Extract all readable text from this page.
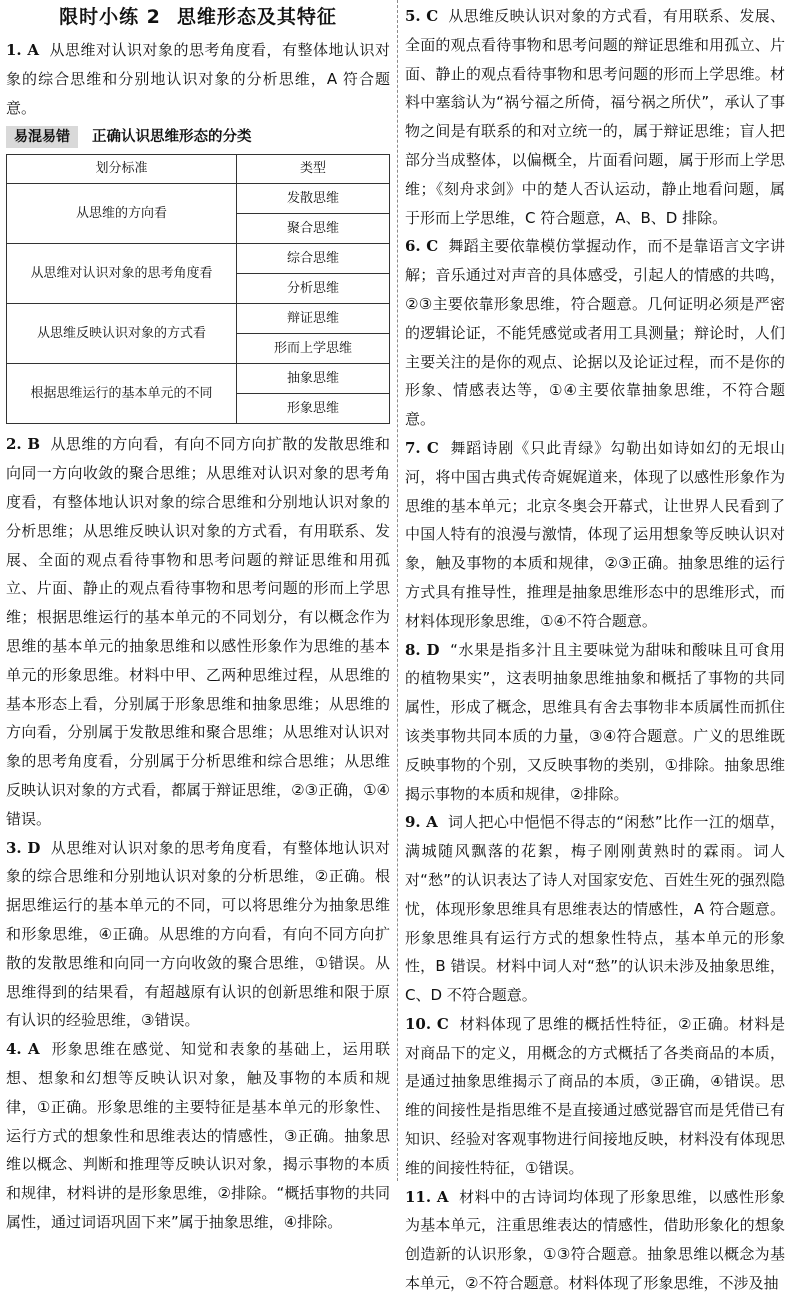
限时小练 2 思维形态及其特征

1. A 从思维对认识对象的思考角度看，有整体地认识对象的综合思维和分别地认识对象的分析思维，A 符合题意。

易混易错	正确认识思维形态的分类
划分标准	类型
从思维的方向看	发散思维
	聚合思维
从思维对认识对象的思考角度看	综合思维
	分析思维
从思维反映认识对象的方式看	辩证思维
	形而上学思维
根据思维运行的基本单元的不同	抽象思维
	形象思维

2. B 从思维的方向看，有向不同方向扩散的发散思维和向同一方向收敛的聚合思维；从思维对认识对象的思考角度看，有整体地认识对象的综合思维和分别地认识对象的分析思维；从思维反映认识对象的方式看，有用联系、发展、全面的观点看待事物和思考问题的辩证思维和用孤立、片面、静止的观点看待事物和思考问题的形而上学思维；根据思维运行的基本单元的不同划分，有以概念作为思维的基本单元的抽象思维和以感性形象作为思维的基本单元的形象思维。材料中甲、乙两种思维过程，从思维的基本形态上看，分别属于形象思维和抽象思维；从思维的方向看，分别属于发散思维和聚合思维；从思维对认识对象的思考角度看，分别属于分析思维和综合思维；从思维反映认识对象的方式看，都属于辩证思维，②③正确，①④错误。

3. D 从思维对认识对象的思考角度看，有整体地认识对象的综合思维和分别地认识对象的分析思维，②正确。根据思维运行的基本单元的不同，可以将思维分为抽象思维和形象思维，④正确。从思维的方向看，有向不同方向扩散的发散思维和向同一方向收敛的聚合思维，①错误。从思维得到的结果看，有超越原有认识的创新思维和限于原有认识的经验思维，③错误。

4. A 形象思维在感觉、知觉和表象的基础上，运用联想、想象和幻想等反映认识对象，触及事物的本质和规律，①正确。形象思维的主要特征是基本单元的形象性、运行方式的想象性和思维表达的情感性，③正确。抽象思维以概念、判断和推理等反映认识对象，揭示事物的本质和规律，材料讲的是形象思维，②排除。“概括事物的共同属性，通过词语巩固下来”属于抽象思维，④排除。

5. C 从思维反映认识对象的方式看，有用联系、发展、全面的观点看待事物和思考问题的辩证思维和用孤立、片面、静止的观点看待事物和思考问题的形而上学思维。材料中塞翁认为“祸兮福之所倚，福兮祸之所伏”，承认了事物之间是有联系的和对立统一的，属于辩证思维；盲人把部分当成整体，以偏概全，片面看问题，属于形而上学思维；《刻舟求剑》中的楚人否认运动，静止地看问题，属于形而上学思维，C 符合题意，A、B、D 排除。

6. C 舞蹈主要依靠模仿掌握动作，而不是靠语言文字讲解；音乐通过对声音的具体感受，引起人的情感的共鸣，②③主要依靠形象思维，符合题意。几何证明必须是严密的逻辑论证，不能凭感觉或者用工具测量；辩论时，人们主要关注的是你的观点、论据以及论证过程，而不是你的形象、情感表达等，①④主要依靠抽象思维，不符合题意。

7. C 舞蹈诗剧《只此青绿》勾勒出如诗如幻的无垠山河，将中国古典式传奇娓娓道来，体现了以感性形象作为思维的基本单元；北京冬奥会开幕式，让世界人民看到了中国人特有的浪漫与激情，体现了运用想象等反映认识对象，触及事物的本质和规律，②③正确。抽象思维的运行方式具有推导性，推理是抽象思维形态中的思维形式，而材料体现形象思维，①④不符合题意。

8. D “水果是指多汁且主要味觉为甜味和酸味且可食用的植物果实”，这表明抽象思维抽象和概括了事物的共同属性，形成了概念，思维具有舍去事物非本质属性而抓住该类事物共同本质的力量，③④符合题意。广义的思维既反映事物的个别，又反映事物的类别，①排除。抽象思维揭示事物的本质和规律，②排除。

9. A 词人把心中悒悒不得志的“闲愁”比作一江的烟草，满城随风飘落的花絮，梅子刚刚黄熟时的霖雨。词人对“愁”的认识表达了诗人对国家安危、百姓生死的强烈隐忧，体现形象思维具有思维表达的情感性，A 符合题意。形象思维具有运行方式的想象性特点，基本单元的形象性，B 错误。材料中词人对“愁”的认识未涉及抽象思维，C、D 不符合题意。

10. C 材料体现了思维的概括性特征，②正确。材料是对商品下的定义，用概念的方式概括了各类商品的本质，是通过抽象思维揭示了商品的本质，③正确，④错误。思维的间接性是指思维不是直接通过感觉器官而是凭借已有知识、经验对客观事物进行间接地反映，材料没有体现思维的间接性特征，①错误。

11. A 材料中的古诗词均体现了形象思维，以感性形象为基本单元，注重思维表达的情感性，借助形象化的想象创造新的认识形象，①③符合题意。抽象思维以概念为基本单元，②不符合题意。材料体现了形象思维，不涉及抽
